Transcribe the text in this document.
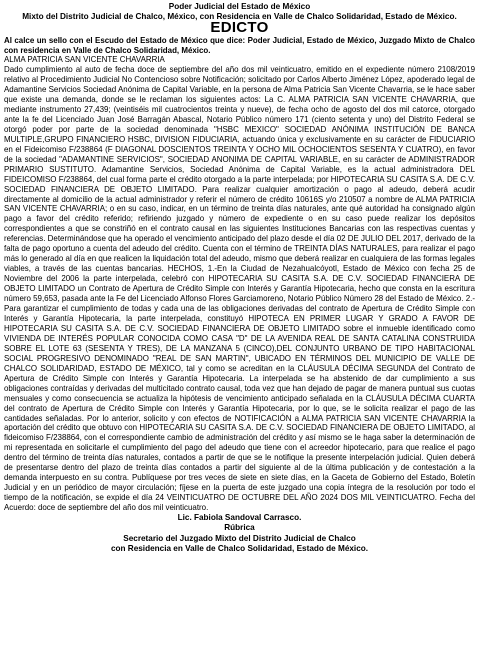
Poder Judicial del Estado de México
Mixto del Distrito Judicial de Chalco, México, con Residencia en Valle de Chalco Solidaridad, Estado de México.
EDICTO
Al calce un sello con el Escudo del Estado de México que dice: Poder Judicial, Estado de México, Juzgado Mixto de Chalco con residencia en Valle de Chalco Solidaridad, México.
ALMA PATRICIA SAN VICENTE CHAVARRIA
Dado cumplimiento al auto de fecha doce de septiembre del año dos mil veinticuatro, emitido en el expediente número 2108/2019 relativo al Procedimiento Judicial No Contencioso sobre Notificación; solicitado por Carlos Alberto Jiménez López, apoderado legal de Adamantine Servicios Sociedad Anónima de Capital Variable, en la persona de Alma Patricia San Vicente Chavarria, se le hace saber que existe una demanda, donde se le reclaman los siguientes actos: La C. ALMA PATRICIA SAN VICENTE CHAVARRIA, que mediante instrumento 27,439; (veintiséis mil cuatrocientos treinta y nueve), de fecha ocho de agosto del dos mil catorce, otorgado ante la fe del Licenciado Juan José Barragán Abascal, Notario Público número 171 (ciento setenta y uno) del Distrito Federal se otorgó poder por parte de la sociedad denominada "HSBC MEXICO" SOCIEDAD ANÓNIMA INSTITUCIÓN DE BANCA MULTIPLE,GRUPO FINANCIERO HSBC, DIVISION FIDUCIARIA, actuando única y exclusivamente en su carácter de FIDUCIARIO en el Fideicomiso F/238864 (F DIAGONAL DOSCIENTOS TREINTA Y OCHO MIL OCHOCIENTOS SESENTA Y CUATRO), en favor de la sociedad "ADAMANTINE SERVICIOS", SOCIEDAD ANONIMA DE CAPITAL VARIABLE, en su carácter de ADMINISTRADOR PRIMARIO SUSTITUTO. Adamantine Servicios, Sociedad Anónima de Capital Variable, es la actual administradora DEL FIDEICOMISO F/238864, del cual forma parte el crédito otorgado a la parte interpelada; por HIPOTECARIA SU CASITA S.A. DE C.V. SOCIEDAD FINANCIERA DE OBJETO LIMITADO. Para realizar cualquier amortización o pago al adeudo, deberá acudir directamente al domicilio de la actual administrador y referir el número de crédito 10616S y/o 210507 a nombre de ALMA PATRICIA SAN VICENTE CHAVARRIA; o en su caso, indicar, en un término de treinta días naturales, ante qué autoridad ha consignado algún pago a favor del crédito referido; refiriendo juzgado y número de expediente o en su caso puede realizar los depósitos correspondientes a que se constriñó en el contrato causal en las siguientes Instituciones Bancarias con las respectivas cuentas y referencias. Determinándose que ha operado el vencimiento anticipado del plazo desde el día 02 DE JULIO DEL 2017, derivado de la falta de pago oportuno a cuenta del adeudo del crédito. Cuenta con el término de TREINTA DÍAS NATURALES, para realizar el pago más lo generado al día en que realicen la liquidación total del adeudo, mismo que deberá realizar en cualquiera de las formas legales viables, a través de las cuentas bancarias. HECHOS, 1.-En la Ciudad de Nezahualcóyotl, Estado de México con fecha 25 de Noviembre del 2006 la parte interpelada, celebró con HIPOTECARIA SU CASITA S.A. DE C.V. SOCIEDAD FINANCIERA DE OBJETO LIMITADO un Contrato de Apertura de Crédito Simple con Interés y Garantía Hipotecaria, hecho que consta en la escritura número 59,653, pasada ante la Fe del Licenciado Alfonso Flores Garciamoreno, Notario Público Número 28 del Estado de México. 2.-Para garantizar el cumplimiento de todas y cada una de las obligaciones derivadas del contrato de Apertura de Crédito Simple con Interés y Garantía Hipotecaria, la parte interpelada, constituyó HIPOTECA EN PRIMER LUGAR Y GRADO A FAVOR DE HIPOTECARIA SU CASITA S.A. DE C.V. SOCIEDAD FINANCIERA DE OBJETO LIMITADO sobre el inmueble identificado como VIVIENDA DE INTERÉS POPULAR CONOCIDA COMO CASA "D" DE LA AVENIDA REAL DE SANTA CATALINA CONSTRUIDA SOBRE EL LOTE 63 (SESENTA Y TRES), DE LA MANZANA 5 (CINCO),DEL CONJUNTO URBANO DE TIPO HABITACIONAL SOCIAL PROGRESIVO DENOMINADO "REAL DE SAN MARTIN", UBICADO EN TÉRMINOS DEL MUNICIPIO DE VALLE DE CHALCO SOLIDARIDAD, ESTADO DE MÉXICO, tal y como se acreditan en la CLÁUSULA DÉCIMA SEGUNDA del Contrato de Apertura de Crédito Simple con Interés y Garantía Hipotecaria. La interpelada se ha abstenido de dar cumplimiento a sus obligaciones contraídas y derivadas del multicitado contrato causal, toda vez que han dejado de pagar de manera puntual sus cuotas mensuales y como consecuencia se actualiza la hipótesis de vencimiento anticipado señalada en la CLÁUSULA DÉCIMA CUARTA del contrato de Apertura de Crédito Simple con Interés y Garantía Hipotecaria, por lo que, se le solicita realizar el pago de las cantidades señaladas. Por lo anterior, solicito y con efectos de NOTIFICACIÓN a ALMA PATRICIA SAN VICENTE CHAVARRIA la aportación del crédito que obtuvo con HIPOTECARIA SU CASITA S.A. DE C.V. SOCIEDAD FINANCIERA DE OBJETO LIMITADO, al fideicomiso F/238864, con el correspondiente cambio de administración del crédito y así mismo se le haga saber la determinación de mi representada en solicitarle el cumplimiento del pago del adeudo que tiene con el acreedor hipotecario, para que realice el pago dentro del término de treinta días naturales, contados a partir de que se le notifique la presente interpelación judicial. Quien deberá de presentarse dentro del plazo de treinta días contados a partir del siguiente al de la última publicación y de contestación a la demanda interpuesto en su contra. Publíquese por tres veces de siete en siete días, en la Gaceta de Gobierno del Estado, Boletín Judicial y en un periódico de mayor circulación; fíjese en la puerta de este juzgado una copia íntegra de la resolución por todo el tiempo de la notificación, se expide el día 24 VEINTICUATRO DE OCTUBRE DEL AÑO 2024 DOS MIL VEINTICUATRO. Fecha del Acuerdo: doce de septiembre del año dos mil veinticuatro.
Lic. Fabiola Sandoval Carrasco.
Rúbrica
Secretario del Juzgado Mixto del Distrito Judicial de Chalco
con Residencia en Valle de Chalco Solidaridad, Estado de México.
